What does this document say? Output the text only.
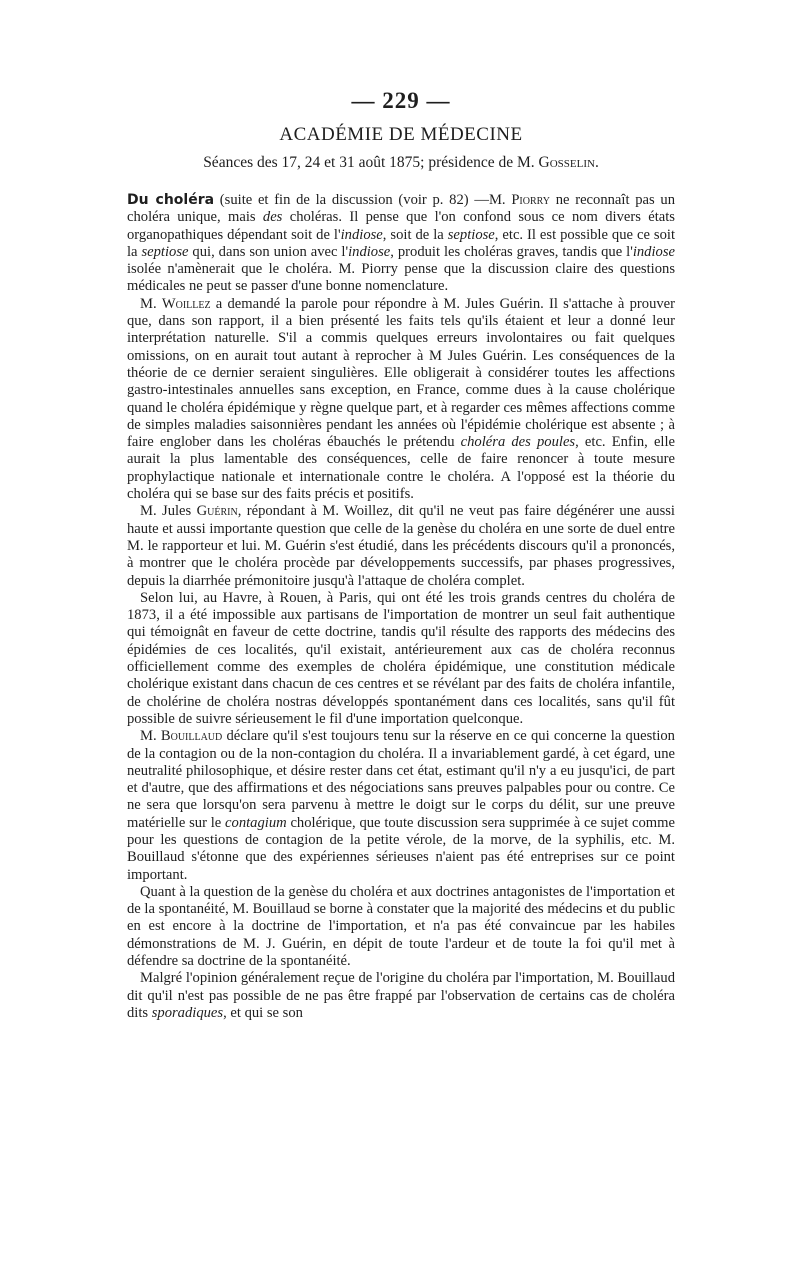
— 229 —
ACADÉMIE DE MÉDECINE
Séances des 17, 24 et 31 août 1875; présidence de M. Gosselin.

Du choléra (suite et fin de la discussion (voir p. 82) —M. Piorry ne reconnaît pas un choléra unique, mais des choléras. Il pense que l'on confond sous ce nom divers états organopathiques dépendant soit de l'indiose, soit de la septiose, etc. Il est possible que ce soit la septiose qui, dans son union avec l'indiose, produit les choléras graves, tandis que l'indiose isolée n'amènerait que le choléra. M. Piorry pense que la discussion claire des questions médicales ne peut se passer d'une bonne nomenclature.

M. Woillez a demandé la parole pour répondre à M. Jules Guérin. Il s'attache à prouver que, dans son rapport, il a bien présenté les faits tels qu'ils étaient et leur a donné leur interprétation naturelle. S'il a commis quelques erreurs involontaires ou fait quelques omissions, on en aurait tout autant à reprocher à M Jules Guérin. Les conséquences de la théorie de ce dernier seraient singulières. Elle obligerait à considérer toutes les affections gastro-intestinales annuelles sans exception, en France, comme dues à la cause cholérique quand le choléra épidémique y règne quelque part, et à regarder ces mêmes affections comme de simples maladies saisonnières pendant les années où l'épidémie cholérique est absente ; à faire englober dans les choléras ébauchés le prétendu choléra des poules, etc. Enfin, elle aurait la plus lamentable des conséquences, celle de faire renoncer à toute mesure prophylactique nationale et internationale contre le choléra. A l'opposé est la théorie du choléra qui se base sur des faits précis et positifs.

M. Jules Guérin, répondant à M. Woillez, dit qu'il ne veut pas faire dégénérer une aussi haute et aussi importante question que celle de la genèse du choléra en une sorte de duel entre M. le rapporteur et lui. M. Guérin s'est étudié, dans les précédents discours qu'il a prononcés, à montrer que le choléra procède par développements successifs, par phases progressives, depuis la diarrhée prémonitoire jusqu'à l'attaque de choléra complet.

Selon lui, au Havre, à Rouen, à Paris, qui ont été les trois grands centres du choléra de 1873, il a été impossible aux partisans de l'importation de montrer un seul fait authentique qui témoignât en faveur de cette doctrine, tandis qu'il résulte des rapports des médecins des épidémies de ces localités, qu'il existait, antérieurement aux cas de choléra reconnus officiellement comme des exemples de choléra épidémique, une constitution médicale cholérique existant dans chacun de ces centres et se révélant par des faits de choléra infantile, de cholérine de choléra nostras développés spontanément dans ces localités, sans qu'il fût possible de suivre sérieusement le fil d'une importation quelconque.

M. Bouillaud déclare qu'il s'est toujours tenu sur la réserve en ce qui concerne la question de la contagion ou de la non-contagion du choléra. Il a invariablement gardé, à cet égard, une neutralité philosophique, et désire rester dans cet état, estimant qu'il n'y a eu jusqu'ici, de part et d'autre, que des affirmations et des négociations sans preuves palpables pour ou contre. Ce ne sera que lorsqu'on sera parvenu à mettre le doigt sur le corps du délit, sur une preuve matérielle sur le contagium cholérique, que toute discussion sera supprimée à ce sujet comme pour les questions de contagion de la petite vérole, de la morve, de la syphilis, etc. M. Bouillaud s'étonne que des expériennes sérieuses n'aient pas été entreprises sur ce point important.

Quant à la question de la genèse du choléra et aux doctrines antagonistes de l'importation et de la spontanéité, M. Bouillaud se borne à constater que la majorité des médecins et du public en est encore à la doctrine de l'importation, et n'a pas été convaincue par les habiles démonstrations de M. J. Guérin, en dépit de toute l'ardeur et de toute la foi qu'il met à défendre sa doctrine de la spontanéité.

Malgré l'opinion généralement reçue de l'origine du choléra par l'importation, M. Bouillaud dit qu'il n'est pas possible de ne pas être frappé par l'observation de certains cas de choléra dits sporadiques, et qui se son
